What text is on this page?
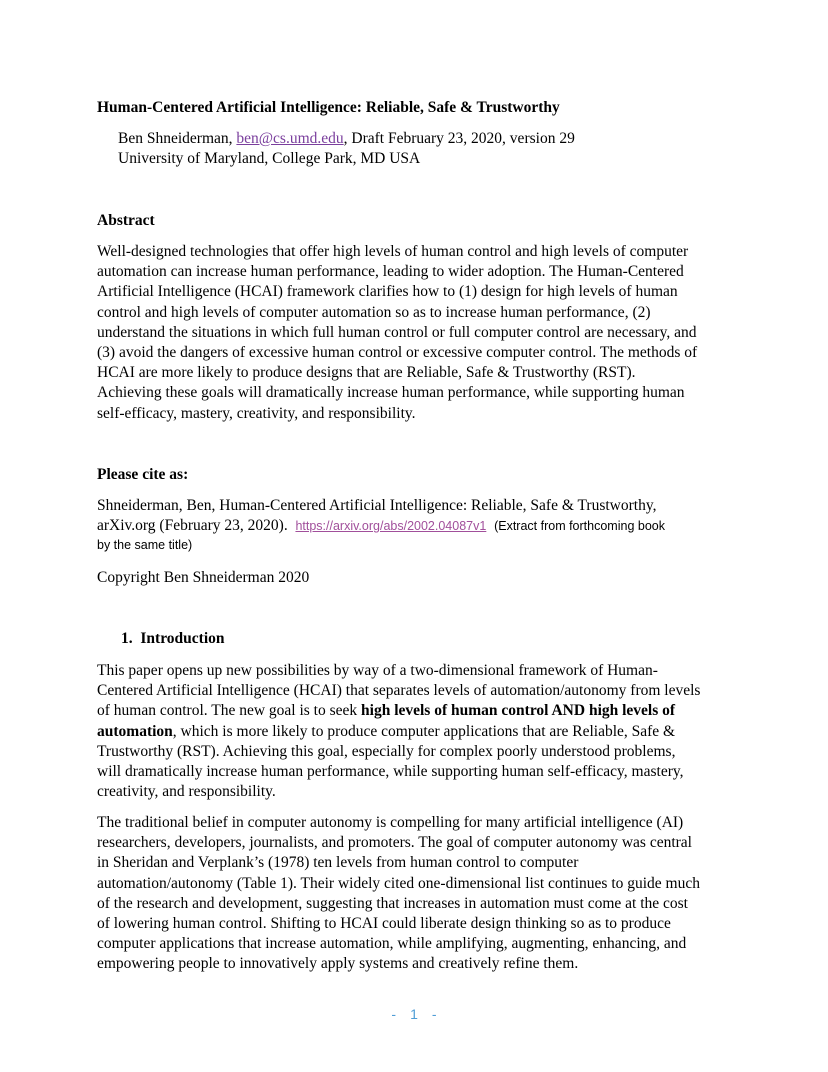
Human-Centered Artificial Intelligence: Reliable, Safe & Trustworthy
Ben Shneiderman, ben@cs.umd.edu, Draft February 23, 2020, version 29
University of Maryland, College Park, MD USA
Abstract
Well-designed technologies that offer high levels of human control and high levels of computer
automation can increase human performance, leading to wider adoption. The Human-Centered
Artificial Intelligence (HCAI) framework clarifies how to (1) design for high levels of human
control and high levels of computer automation so as to increase human performance, (2)
understand the situations in which full human control or full computer control are necessary, and
(3) avoid the dangers of excessive human control or excessive computer control. The methods of
HCAI are more likely to produce designs that are Reliable, Safe & Trustworthy (RST).
Achieving these goals will dramatically increase human performance, while supporting human
self-efficacy, mastery, creativity, and responsibility.
Please cite as:
Shneiderman, Ben, Human-Centered Artificial Intelligence: Reliable, Safe & Trustworthy,
arXiv.org (February 23, 2020). https://arxiv.org/abs/2002.04087v1 (Extract from forthcoming book
by the same title)
Copyright Ben Shneiderman 2020
1. Introduction
This paper opens up new possibilities by way of a two-dimensional framework of Human-
Centered Artificial Intelligence (HCAI) that separates levels of automation/autonomy from levels
of human control. The new goal is to seek high levels of human control AND high levels of
automation, which is more likely to produce computer applications that are Reliable, Safe &
Trustworthy (RST). Achieving this goal, especially for complex poorly understood problems,
will dramatically increase human performance, while supporting human self-efficacy, mastery,
creativity, and responsibility.
The traditional belief in computer autonomy is compelling for many artificial intelligence (AI)
researchers, developers, journalists, and promoters. The goal of computer autonomy was central
in Sheridan and Verplank’s (1978) ten levels from human control to computer
automation/autonomy (Table 1). Their widely cited one-dimensional list continues to guide much
of the research and development, suggesting that increases in automation must come at the cost
of lowering human control. Shifting to HCAI could liberate design thinking so as to produce
computer applications that increase automation, while amplifying, augmenting, enhancing, and
empowering people to innovatively apply systems and creatively refine them.
- 1 -
